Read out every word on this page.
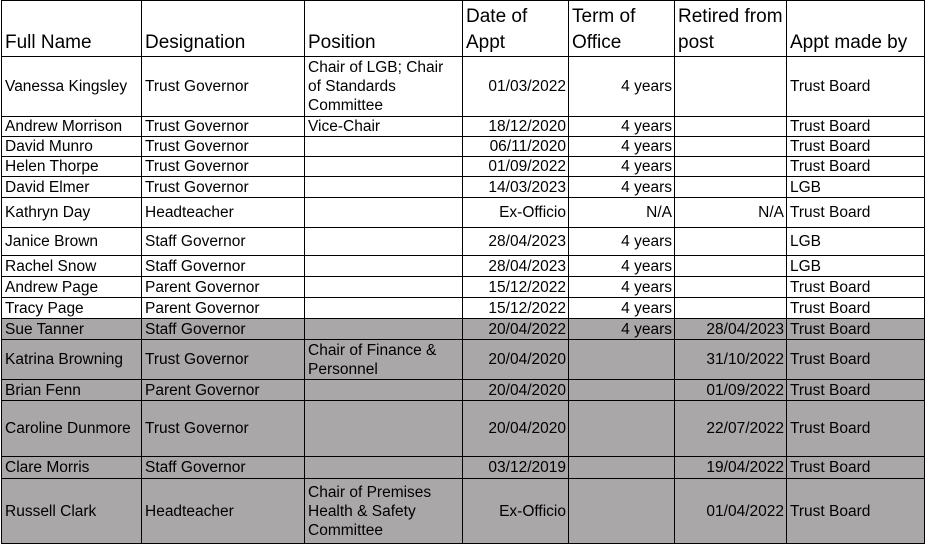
Full Name	Designation	Position	Date of Appt	Term of Office	Retired from post	Appt made by
Vanessa Kingsley	Trust Governor	Chair of LGB; Chair of Standards Committee	01/03/2022	4 years		Trust Board
Andrew Morrison	Trust Governor	Vice-Chair	18/12/2020	4 years		Trust Board
David Munro	Trust Governor		06/11/2020	4 years		Trust Board
Helen Thorpe	Trust Governor		01/09/2022	4 years		Trust Board
David Elmer	Trust Governor		14/03/2023	4 years		LGB
Kathryn Day	Headteacher		Ex-Officio	N/A	N/A	Trust Board
Janice Brown	Staff Governor		28/04/2023	4 years		LGB
Rachel Snow	Staff Governor		28/04/2023	4 years		LGB
Andrew Page	Parent Governor		15/12/2022	4 years		Trust Board
Tracy Page	Parent Governor		15/12/2022	4 years		Trust Board
Sue Tanner	Staff Governor		20/04/2022	4 years	28/04/2023	Trust Board
Katrina Browning	Trust Governor	Chair of Finance & Personnel	20/04/2020		31/10/2022	Trust Board
Brian Fenn	Parent Governor		20/04/2020		01/09/2022	Trust Board
Caroline Dunmore	Trust Governor		20/04/2020		22/07/2022	Trust Board
Clare Morris	Staff Governor		03/12/2019		19/04/2022	Trust Board
Russell Clark	Headteacher	Chair of Premises Health & Safety Committee	Ex-Officio		01/04/2022	Trust Board
